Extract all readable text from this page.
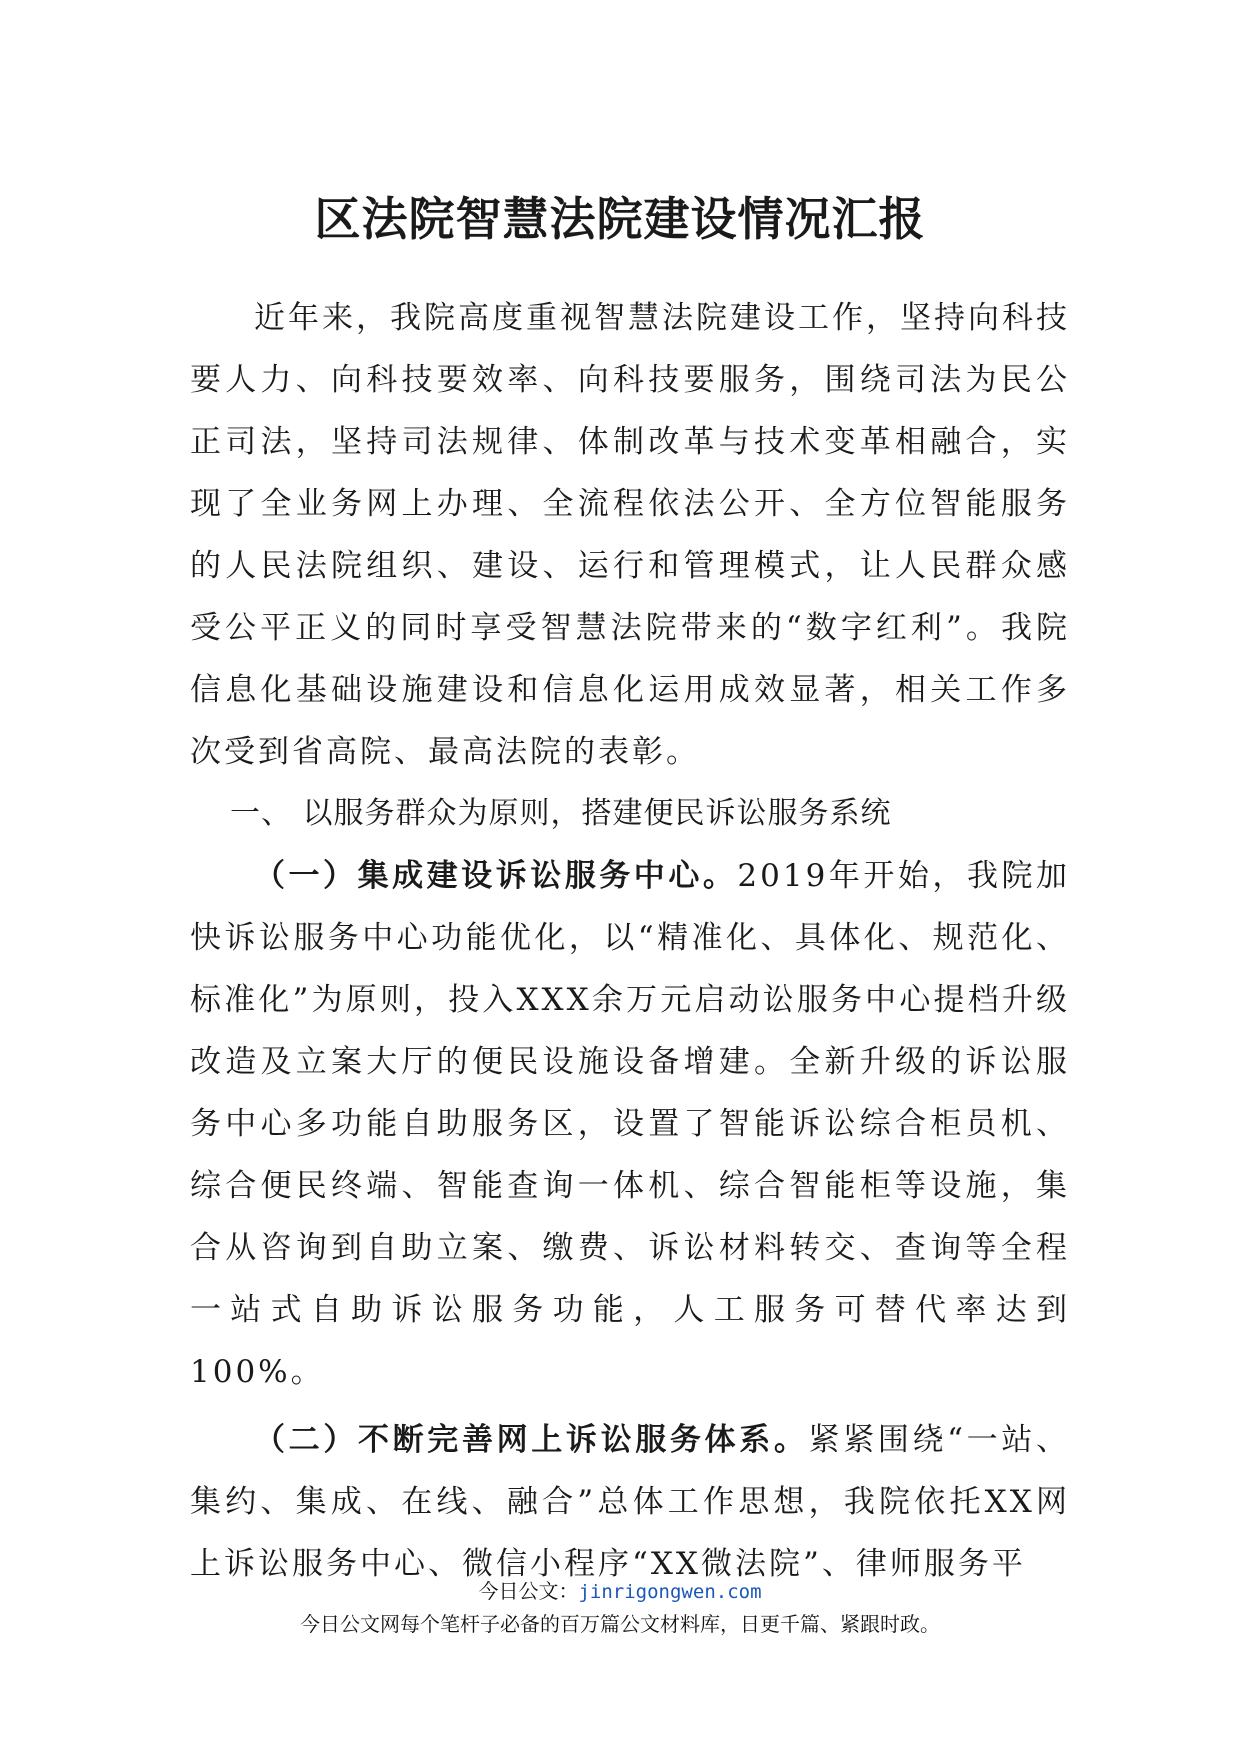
区法院智慧法院建设情况汇报

近年来，我院高度重视智慧法院建设工作，坚持向科技要人力、向科技要效率、向科技要服务，围绕司法为民公正司法，坚持司法规律、体制改革与技术变革相融合，实现了全业务网上办理、全流程依法公开、全方位智能服务的人民法院组织、建设、运行和管理模式，让人民群众感受公平正义的同时享受智慧法院带来的“数字红利”。我院信息化基础设施建设和信息化运用成效显著，相关工作多次受到省高院、最高法院的表彰。

一、 以服务群众为原则，搭建便民诉讼服务系统

（一）集成建设诉讼服务中心。2019年开始，我院加快诉讼服务中心功能优化，以“精准化、具体化、规范化、标准化”为原则，投入XXX余万元启动讼服务中心提档升级改造及立案大厅的便民设施设备增建。全新升级的诉讼服务中心多功能自助服务区，设置了智能诉讼综合柜员机、综合便民终端、智能查询一体机、综合智能柜等设施，集合从咨询到自助立案、缴费、诉讼材料转交、查询等全程一站式自助诉讼服务功能，人工服务可替代率达到100%。

（二）不断完善网上诉讼服务体系。紧紧围绕“一站、集约、集成、在线、融合”总体工作思想，我院依托XX网上诉讼服务中心、微信小程序“XX微法院”、律师服务平

今日公文：jinrigongwen.com
今日公文网每个笔杆子必备的百万篇公文材料库，日更千篇、紧跟时政。
